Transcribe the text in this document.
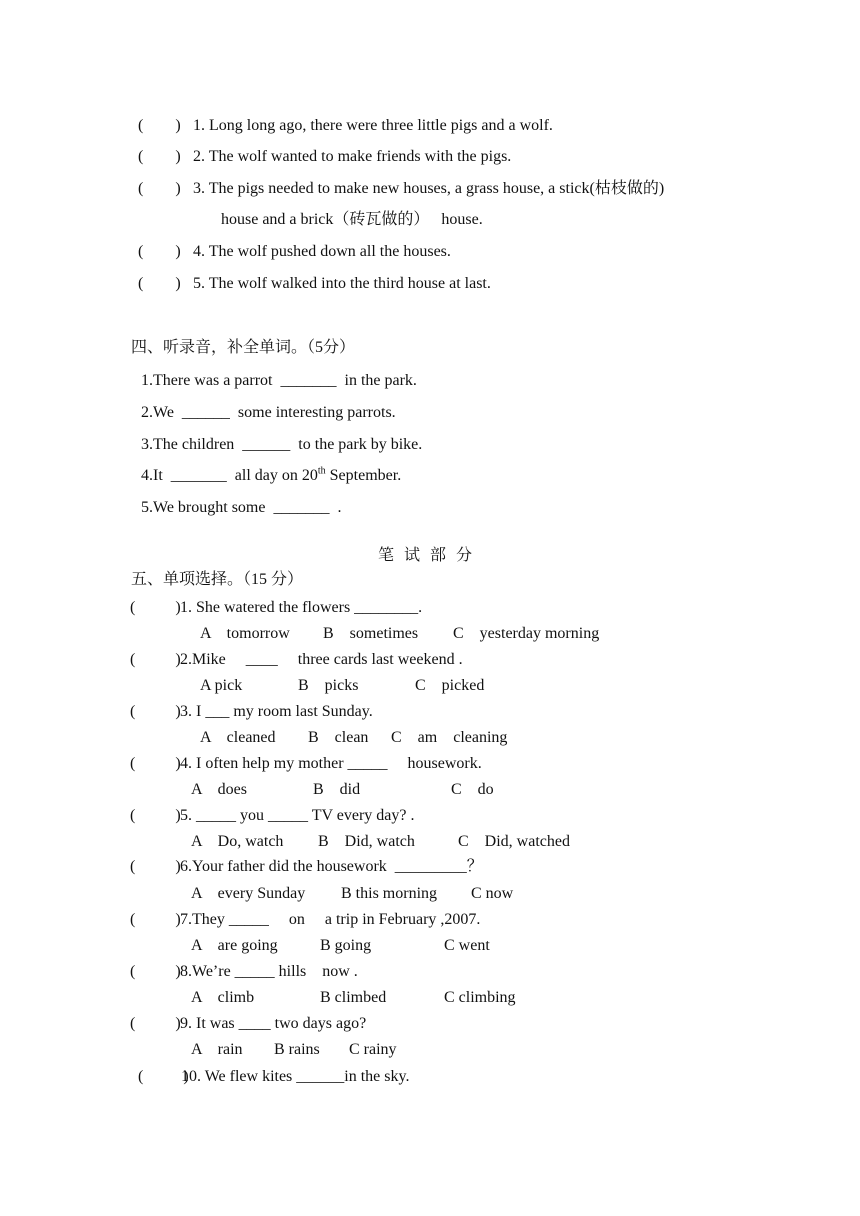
(        ) 1. Long long ago, there were three little pigs and a wolf.
(        ) 2. The wolf wanted to make friends with the pigs.
(        ) 3. The pigs needed to make new houses, a grass house, a stick(枯枝做的)
house and a brick（砖瓦做的）   house.
(        ) 4. The wolf pushed down all the houses.
(        ) 5. The wolf walked into the third house at last.
四、听录音，补全单词。（5分）
1.There was a parrot  _______  in the park.
2.We  ______  some interesting parrots.
3.The children  ______  to the park by bike.
4.It  _______  all day on 20th September.
5.We brought some  _______  .
笔试部分
五、单项选择。（15 分）
(          ) 1. She watered the flowers ________.
A    tomorrow B    sometimes C    yesterday morning
(          ) 2.Mike     ____     three cards last weekend .
A pick	B    picks	C    picked
(          ) 3. I ___ my room last Sunday.
A    cleaned B    clean C    am    cleaning
(          ) 4. I often help my mother _____     housework.
A    does	B    did	C    do
(          ) 5. _____ you _____ TV every day? .
A    Do, watch B    Did, watch	C    Did, watched
(          ) 6.Your father did the housework  _________？
A    every Sunday B this morning C now
(          ) 7.They _____     on     a trip in February ,2007.
A    are going	B going	C went
(          ) 8.We’re _____ hills    now .
A    climb	B climbed	C climbing
(          ) 9. It was ____ two days ago?
A    rain B rains C rainy
(          )
10. We flew kites ______in the sky.
